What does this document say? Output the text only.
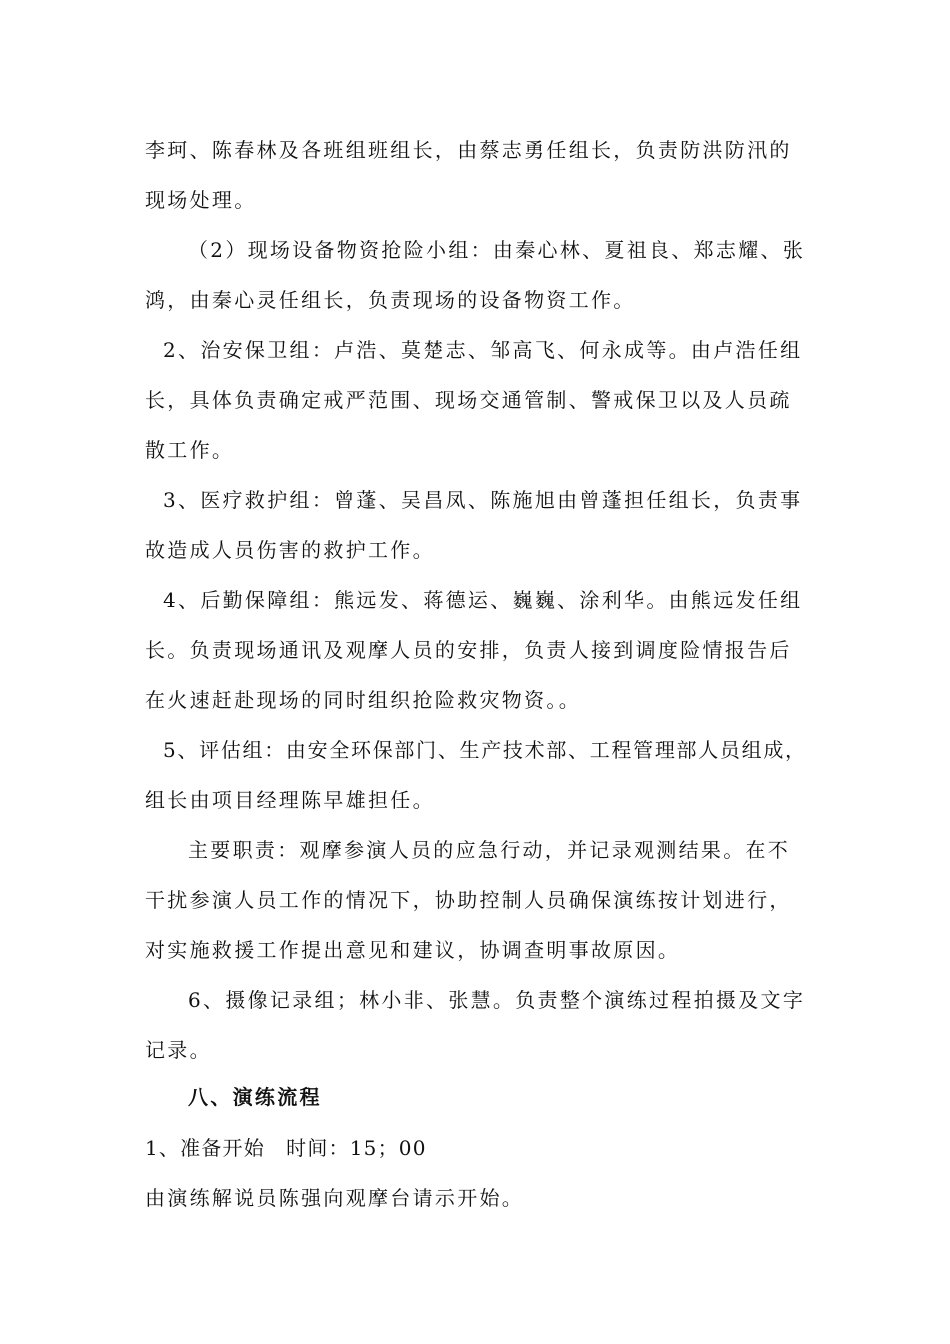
李珂、陈春林及各班组班组长，由蔡志勇任组长，负责防洪防汛的
现场处理。
（2）现场设备物资抢险小组：由秦心林、夏祖良、郑志耀、张
鸿，由秦心灵任组长，负责现场的设备物资工作。
2、治安保卫组：卢浩、莫楚志、邹高飞、何永成等。由卢浩任组
长，具体负责确定戒严范围、现场交通管制、警戒保卫以及人员疏
散工作。
3、医疗救护组：曾蓬、吴昌凤、陈施旭由曾蓬担任组长，负责事
故造成人员伤害的救护工作。
4、后勤保障组：熊远发、蒋德运、巍巍、涂利华。由熊远发任组
长。负责现场通讯及观摩人员的安排，负责人接到调度险情报告后
在火速赶赴现场的同时组织抢险救灾物资。。
5、评估组：由安全环保部门、生产技术部、工程管理部人员组成，
组长由项目经理陈早雄担任。
主要职责：观摩参演人员的应急行动，并记录观测结果。在不
干扰参演人员工作的情况下，协助控制人员确保演练按计划进行，
对实施救援工作提出意见和建议，协调查明事故原因。
6、摄像记录组；林小非、张慧。负责整个演练过程拍摄及文字
记录。
八、演练流程
1、准备开始　时间：15；00
由演练解说员陈强向观摩台请示开始。
